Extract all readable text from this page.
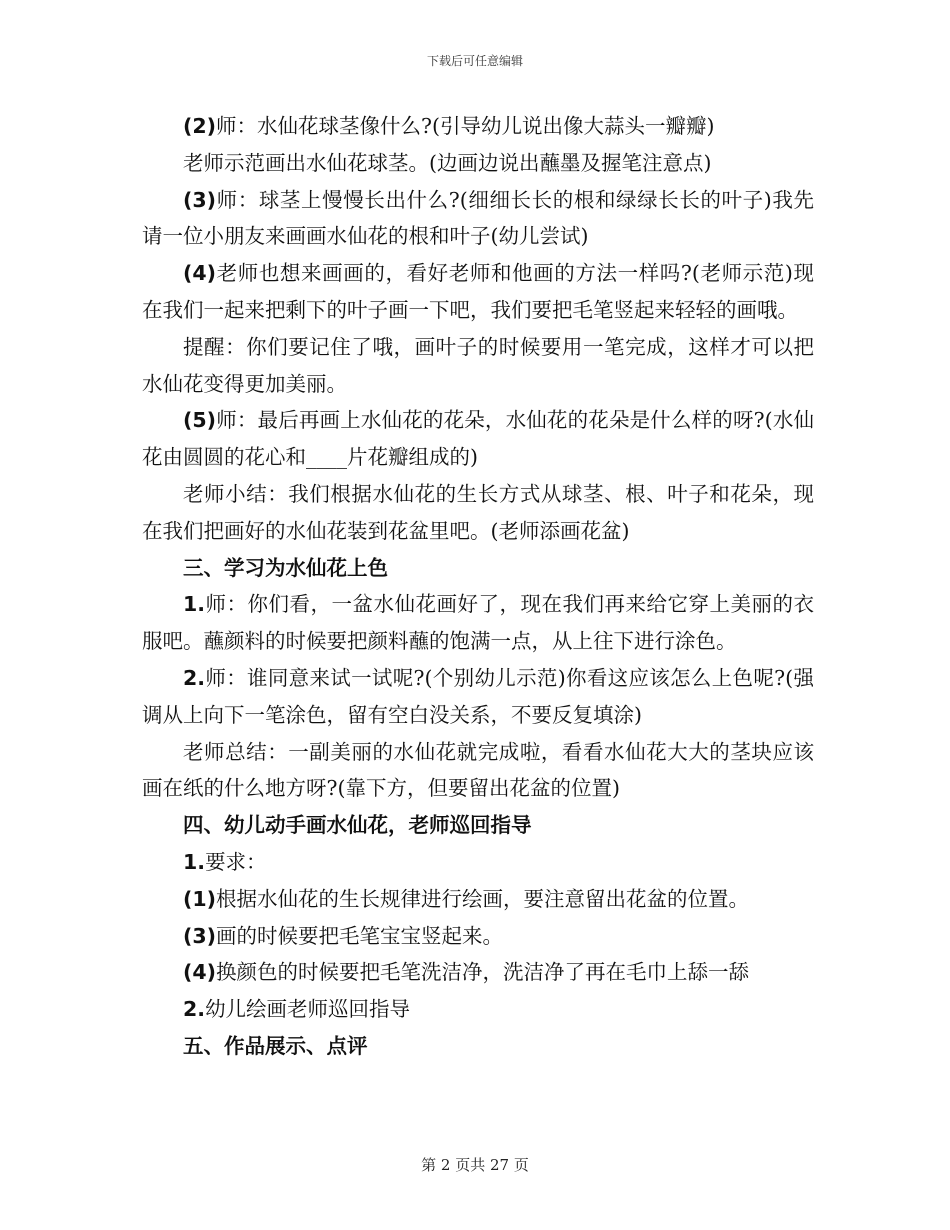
下载后可任意编辑

(2)师：水仙花球茎像什么?(引导幼儿说出像大蒜头一瓣瓣)

老师示范画出水仙花球茎。(边画边说出蘸墨及握笔注意点)

(3)师：球茎上慢慢长出什么?(细细长长的根和绿绿长长的叶子)我先请一位小朋友来画画水仙花的根和叶子(幼儿尝试)

(4)老师也想来画画的，看好老师和他画的方法一样吗?(老师示范)现在我们一起来把剩下的叶子画一下吧，我们要把毛笔竖起来轻轻的画哦。

提醒：你们要记住了哦，画叶子的时候要用一笔完成，这样才可以把水仙花变得更加美丽。

(5)师：最后再画上水仙花的花朵，水仙花的花朵是什么样的呀?(水仙花由圆圆的花心和____片花瓣组成的)

老师小结：我们根据水仙花的生长方式从球茎、根、叶子和花朵，现在我们把画好的水仙花装到花盆里吧。(老师添画花盆)

三、学习为水仙花上色

1.师：你们看，一盆水仙花画好了，现在我们再来给它穿上美丽的衣服吧。蘸颜料的时候要把颜料蘸的饱满一点，从上往下进行涂色。

2.师：谁同意来试一试呢?(个别幼儿示范)你看这应该怎么上色呢?(强调从上向下一笔涂色，留有空白没关系，不要反复填涂)

老师总结：一副美丽的水仙花就完成啦，看看水仙花大大的茎块应该画在纸的什么地方呀?(靠下方，但要留出花盆的位置)

四、幼儿动手画水仙花，老师巡回指导

1.要求：

(1)根据水仙花的生长规律进行绘画，要注意留出花盆的位置。

(3)画的时候要把毛笔宝宝竖起来。

(4)换颜色的时候要把毛笔洗洁净，洗洁净了再在毛巾上舔一舔

2.幼儿绘画老师巡回指导

五、作品展示、点评

第 2 页共 27 页
